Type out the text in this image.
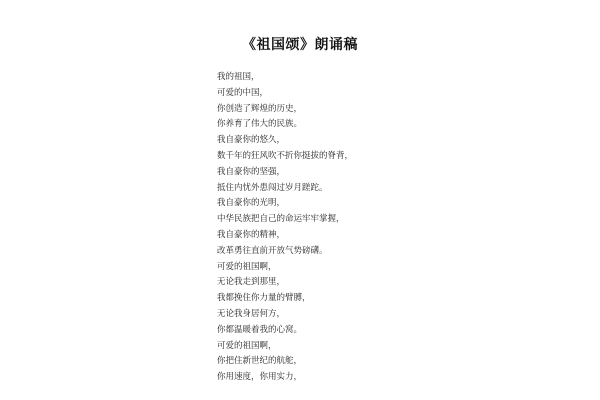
《祖国颂》朗诵稿
我的祖国，
可爱的中国，
你创造了辉煌的历史，
你养育了伟大的民族。
我自豪你的悠久，
数千年的狂风吹不折你挺拔的脊背，
我自豪你的坚强，
抵住内忧外患闯过岁月蹉跎。
我自豪你的光明，
中华民族把自己的命运牢牢掌握，
我自豪你的精神，
改革勇往直前开放气势磅礴。
可爱的祖国啊，
无论我走到那里，
我都挽住你力量的臂膊，
无论我身居何方，
你都温暖着我的心窝。
可爱的祖国啊，
你把住新世纪的航舵，
你用速度，你用实力，
